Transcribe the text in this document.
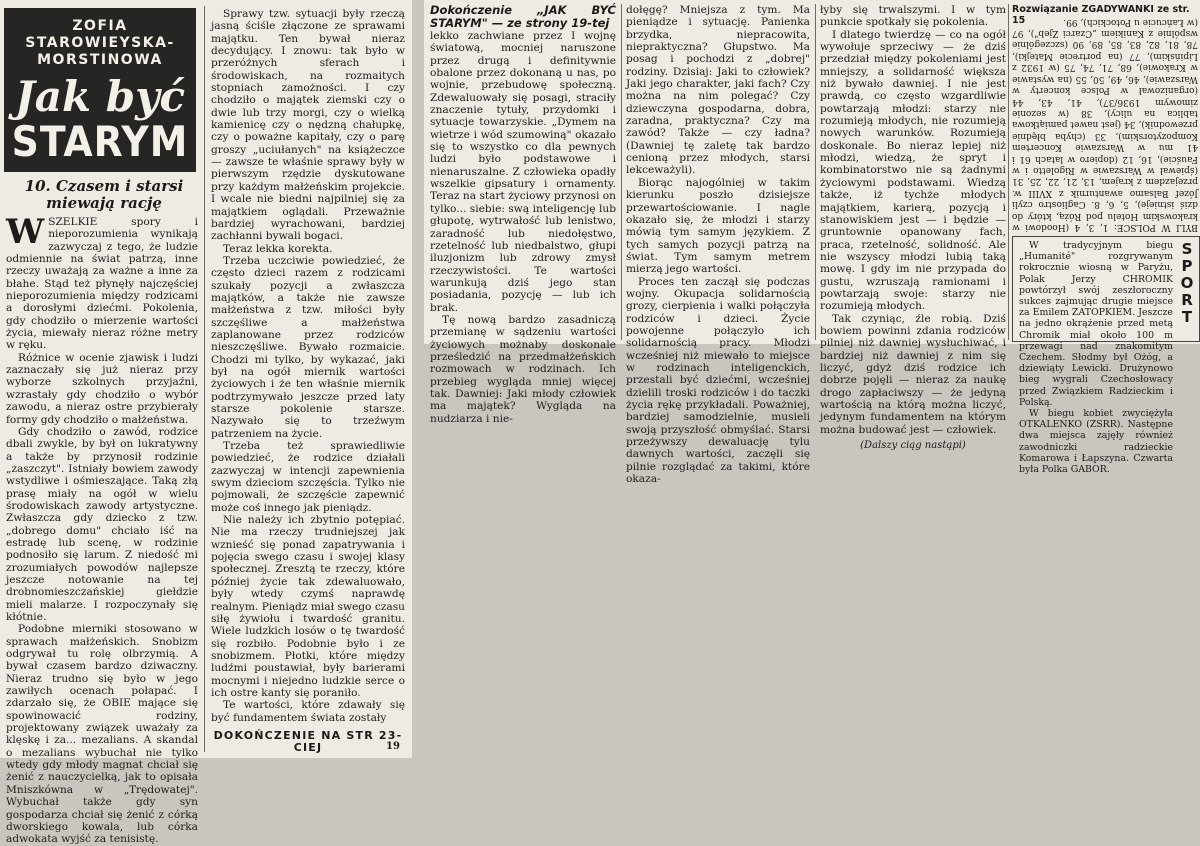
ZOFIA STAROWIEYSKA-MORSTINOWA
Jak być
STARYM
10. Czasem i starsi miewają rację

WSZELKIE spory i nieporozumienia wynikają zazwyczaj z tego, że ludzie odmiennie na świat patrzą, inne rzeczy uważają za ważne a inne za błahe. Stąd też płynęły najczęściej nieporozumienia między rodzicami a dorosłymi dziećmi. Pokolenia, gdy chodziło o mierzenie wartości życia, miewały nieraz różne metry w ręku.

Różnice w ocenie zjawisk i ludzi zaznaczały się już nieraz przy wyborze szkolnych przyjaźni, wzrastały gdy chodziło o wybór zawodu, a nieraz ostre przybierały formy gdy chodziło o małżeństwa.

Gdy chodziło o zawód, rodzice dbali zwykle, by był on lukratywny a także by przynosił rodzinie „zaszczyt". Istniały bowiem zawody wstydliwe i ośmieszające. Taką złą prasę miały na ogół w wielu środowiskach zawody artystyczne. Zwłaszcza gdy dziecko z tzw. „dobrego domu" chciało iść na estradę lub scenę, w rodzinie podnosiło się larum. Z niedość mi zrozumiałych powodów najlepsze jeszcze notowanie na tej drobnomieszczańskiej giełdzie mieli malarze. I rozpoczynały się kłótnie.

Podobne mierniki stosowano w sprawach małżeńskich. Snobizm odgrywał tu rolę olbrzymią. A bywał czasem bardzo dziwaczny. Nieraz trudno się było w jego zawiłych ocenach połapać. I zdarzało się, że OBIE mające się spowinowacić rodziny, projektowany związek uważały za klęskę i za... mezalians. A skandal o mezalians wybuchał nie tylko wtedy gdy młody magnat chciał się żenić z nauczycielką, jak to opisała Mniszkówna w „Trędowatej". Wybuchał także gdy syn gospodarza chciał się żenić z córką dworskiego kowala, lub córka adwokata wyjść za tenisistę.

Sprawy tzw. sytuacji były rzeczą jasną ściśle złączone ze sprawami majątku. Ten bywał nieraz decydujący. I znowu: tak było w przeróżnych sferach i środowiskach, na rozmaitych stopniach zamożności. I czy chodziło o majątek ziemski czy o dwie lub trzy morgi, czy o wielką kamienicę czy o nędzną chałupkę, czy o poważne kapitały, czy o parę groszy „uciułanych" na książeczce — zawsze te właśnie sprawy były w pierwszym rzędzie dyskutowane przy każdym małżeńskim projekcie. I wcale nie biedni najpilniej się za majątkiem oglądali. Przeważnie bardziej wyrachowani, bardziej zachłanni bywali bogaci.

Teraz lekka korekta.

Trzeba uczciwie powiedzieć, że często dzieci razem z rodzicami szukały pozycji a zwłaszcza majątków, a także nie zawsze małżeństwa z tzw. miłości były szczęśliwe a małżeństwa zaplanowane przez rodziców nieszczęśliwe. Bywało rozmaicie. Chodzi mi tylko, by wykazać, jaki był na ogół miernik wartości życiowych i że ten właśnie miernik podtrzymywało jeszcze przed laty starsze pokolenie starsze. Nazywało się to trzeźwym patrzeniem na życie.

Trzeba też sprawiedliwie powiedzieć, że rodzice działali zazwyczaj w intencji zapewnienia swym dzieciom szczęścia. Tylko nie pojmowali, że szczęście zapewnić może coś innego jak pieniądz.

Nie należy ich zbytnio potępiać. Nie ma rzeczy trudniejszej jak wznieść się ponad zapatrywania i pojęcia swego czasu i swojej klasy społecznej. Zresztą te rzeczy, które później życie tak zdewaluowało, były wtedy czymś naprawdę realnym. Pieniądz miał swego czasu siłę żywiołu i twardość granitu. Wiele ludzkich losów o tę twardość się rozbiło. Podobnie było i ze snobizmem. Płotki, które między ludźmi poustawiał, były barierami mocnymi i niejedno ludzkie serce o ich ostre kanty się poraniło.

Te wartości, które zdawały się być fundamentem świata zostały

DOKOŃCZENIE NA STR 23-CIEJ	19
Dokończenie „JAK BYĆ STARYM" — ze strony 19-tej

lekko zachwiane przez I wojnę światową, mocniej naruszone przez drugą i definitywnie obalone przez dokonaną u nas, po wojnie, przebudowę społeczną. Zdewaluowały się posagi, straciły znaczenie tytuły, przydomki i sytuacje towarzyskie. „Dymem na wietrze i wód szumowiną" okazało się to wszystko co dla pewnych ludzi było podstawowe i nienaruszalne. Z człowieka opadły wszelkie gipsatury i ornamenty. Teraz na start życiowy przynosi on tylko... siebie: swą inteligencję lub głupotę, wytrwałość lub lenistwo, zaradność lub niedołęstwo, rzetelność lub niedbalstwo, głupi iluzjonizm lub zdrowy zmysł rzeczywistości. Te wartości warunkują dziś jego stan posiadania, pozycję — lub ich brak.

Tę nową bardzo zasadniczą przemianę w sądzeniu wartości życiowych możnaby doskonale prześledzić na przedmałżeńskich rozmowach w rodzinach. Ich przebieg wygląda mniej więcej tak. Dawniej: Jaki młody człowiek ma majątek? Wygląda na nudziarza i nie-

dołęgę? Mniejsza z tym. Ma pieniądze i sytuację. Panienka brzydka, niepracowita, niepraktyczna? Głupstwo. Ma posag i pochodzi z „dobrej" rodziny. Dzisiaj: Jaki to człowiek? Jaki jego charakter, jaki fach? Czy można na nim polegać? Czy dziewczyna gospodarna, dobra, zaradna, praktyczna? Czy ma zawód? Także — czy ładna? (Dawniej tę zaletę tak bardzo cenioną przez młodych, starsi lekceważyli).

Biorąc najogólniej w takim kierunku poszło dzisiejsze przewartościowanie. I nagle okazało się, że młodzi i starzy mówią tym samym językiem. Z tych samych pozycji patrzą na świat. Tym samym metrem mierzą jego wartości.

Proces ten zaczął się podczas wojny. Okupacja solidarnością grozy, cierpienia i walki połączyła rodziców i dzieci. Życie powojenne połączyło ich solidarnością pracy. Młodzi wcześniej niż miewało to miejsce w rodzinach inteligenckich, przestali być dziećmi, wcześniej dzielili troski rodziców i do taczki życia rękę przykładali. Poważniej, bardziej samodzielnie, musieli swoją przyszłość obmyślać. Starsi przeżywszy dewaluację tylu dawnych wartości, zaczęli się pilnie rozglądać za takimi, które okaza-

łyby się trwalszymi. I w tym punkcie spotkały się pokolenia.

I dlatego twierdzę — co na ogół wywołuje sprzeciwy — że dziś przedział między pokoleniami jest mniejszy, a solidarność większa niż bywało dawniej. I nie jest prawdą, co często wzgardliwie powtarzają młodzi: starzy nie rozumieją młodych, nie rozumieją nowych warunków. Rozumieją doskonale. Bo nieraz lepiej niż młodzi, wiedzą, że spryt i kombinatorstwo nie są żadnymi życiowymi podstawami. Wiedzą także, iż tychże młodych majątkiem, karierą, pozycją i stanowiskiem jest — i będzie — gruntownie opanowany fach, praca, rzetelność, solidność. Ale nie wszyscy młodzi lubią taką mowę. I gdy im nie przypada do gustu, wzruszają ramionami i powtarzają swoje: starzy nie rozumieją młodych.

Tak czyniąc, źle robią. Dziś bowiem powinni zdania rodziców pilniej niż dawniej wysłuchiwać, i bardziej niż dawniej z nim się liczyć, gdyż dziś rodzice ich dobrze pojęli — nieraz za naukę drogo zapłaciwszy — że jedyną wartością na którą można liczyć, jedynym fundamentem na którym można budować jest — człowiek.

(Dalszy ciąg nastąpi)
Rozwiązanie ZGADYWANKI ze str. 15

BYLI W POLSCE: 1, 3, 4 (Hoodowi w krakowskim Hotelu pod Różą, który do dziś istnieje), 5, 6, 8. Cagliostro czyli Józef Balsamo awanturnik z XVIII w. przejazdem z krajem, 13, 21, 22, 25, 31 (śpiewał w Warszawie w Rigoletto i w Fauście), 16, 12 (dopiero w latach 61 i 41 mu w Warszawie Koncertem Kompozytorskim), 33 (chyba błędnie przewodnik), 34 (jest nawet pamiątkowa tablica na ulicy), 38 (w sezonie zimowym 1936/37), 41, 43, 44 (organizował w Polsce koncerty w Warszawie), 46, 49, 50, 55 (na wystawie w Krakowie), 68, 71, 74, 75 (w 1932 z Lipińskim), 77 (na portrecie Matejki), 78, 81, 82, 83, 85, 89, 90 (szczególnie wspólnie z Kanikiem „Czarci Zjeb"), 97 (w Łańcucie u Potockich), 99.

W tradycyjnym biegu „Humanité" rozgrywanym rokrocznie wiosną w Paryżu, Polak Jerzy CHROMIK powtórzył swój zeszłoroczny sukces zajmując drugie miejsce za Emilem ZATOPKIEM. Jeszcze na jedno okrążenie przed metą Chromik miał około 100 m przewagi nad znakomitym Czechem. Słodmy był Ożóg, a dziewiąty Lewicki. Drużynowo bieg wygrali Czechosłowacy przed Związkiem Radzieckim i Polską.

W biegu kobiet zwyciężyła OTKALENKO (ZSRR). Następne dwa miejsca zajęły również zawodniczki radzieckie Komarowa i Łapszyna. Czwarta była Polka GABOR.

SPORT
